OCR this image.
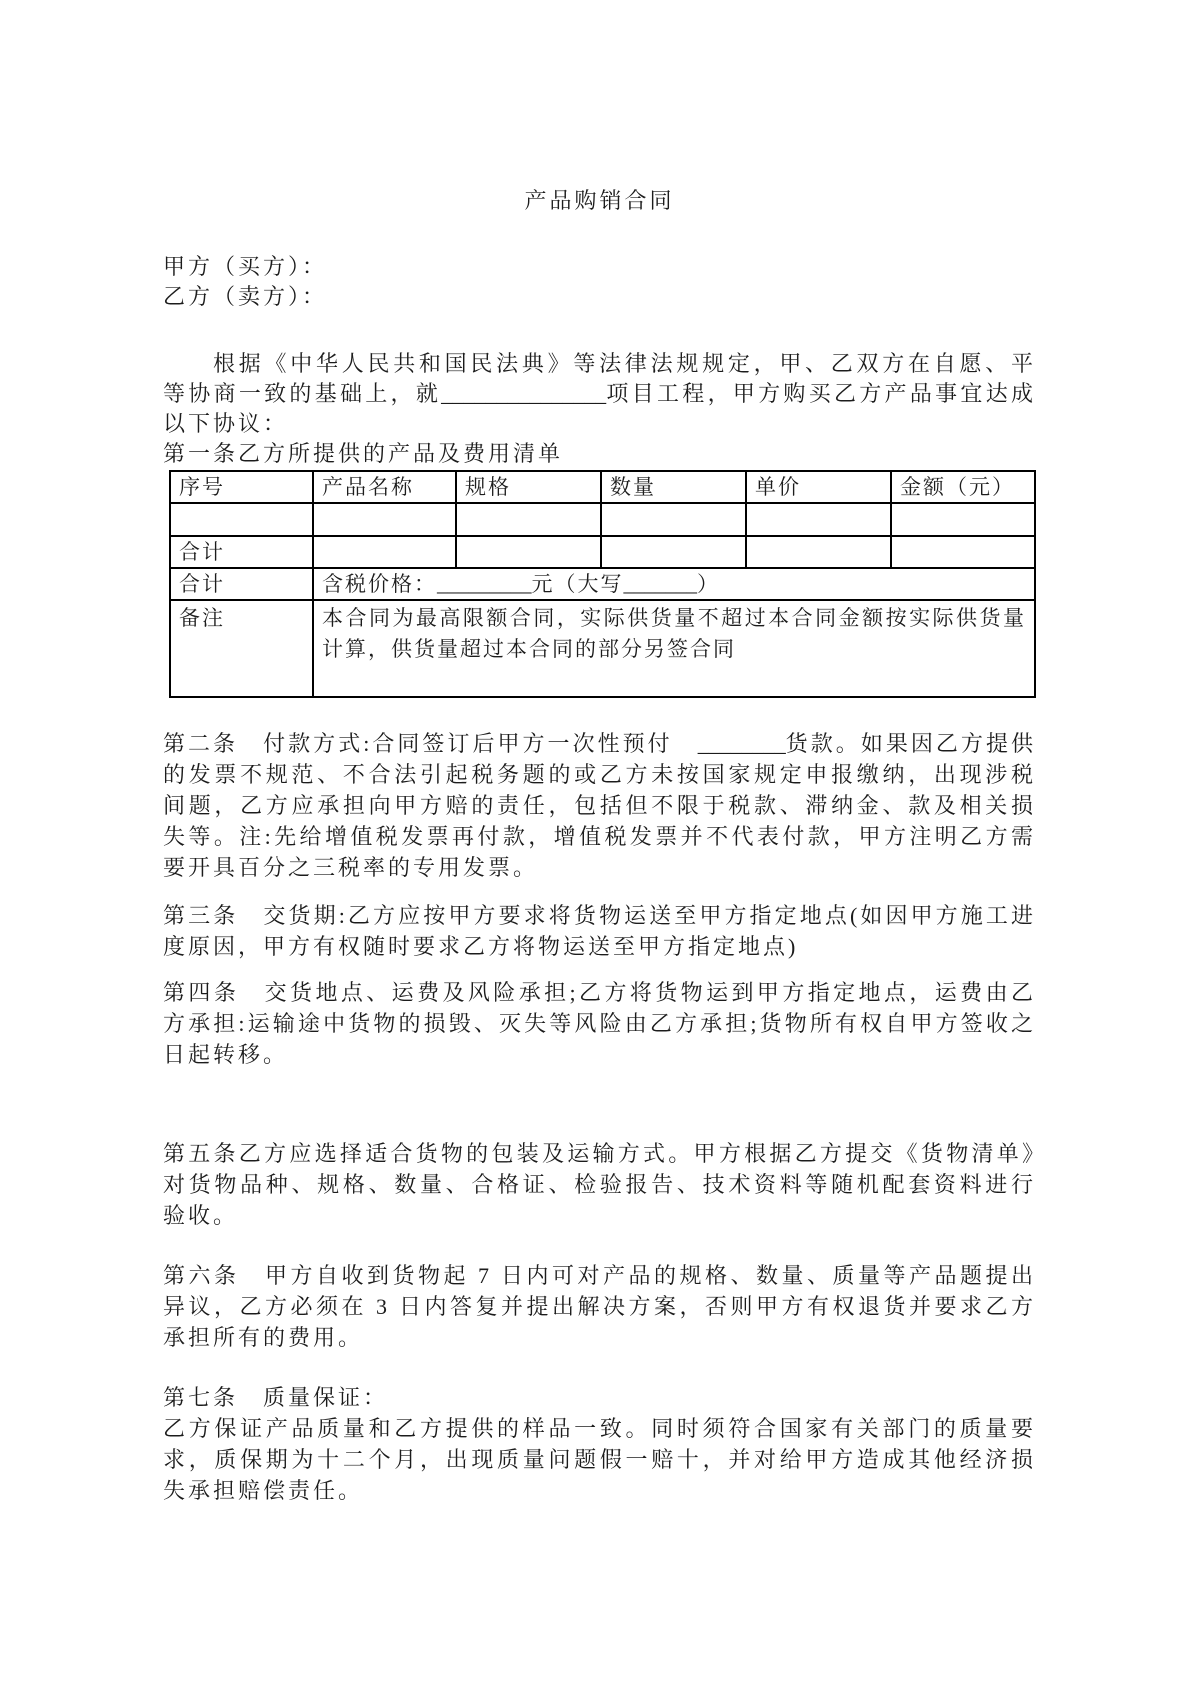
产品购销合同

甲方（买方）：

乙方（卖方）：

根据《中华人民共和国民法典》等法律法规规定，甲、乙双方在自愿、平等协商一致的基础上，就_______________项目工程，甲方购买乙方产品事宜达成以下协议：

第一条乙方所提供的产品及费用清单

序号	产品名称	规格	数量	单价	金额（元）

合计					
合计	含税价格：_________元（大写_______）				
备注	本合同为最高限额合同，实际供货量不超过本合同金额按实际供货量计算，供货量超过本合同的部分另签合同				

第二条　付款方式:合同签订后甲方一次性预付　________货款。如果因乙方提供的发票不规范、不合法引起税务题的或乙方未按国家规定申报缴纳，出现涉税间题，乙方应承担向甲方赔的责任，包括但不限于税款、滞纳金、款及相关损失等。注:先给增值税发票再付款，增值税发票并不代表付款，甲方注明乙方需要开具百分之三税率的专用发票。

第三条　交货期:乙方应按甲方要求将货物运送至甲方指定地点(如因甲方施工进度原因，甲方有权随时要求乙方将物运送至甲方指定地点)

第四条　交货地点、运费及风险承担;乙方将货物运到甲方指定地点，运费由乙方承担:运输途中货物的损毁、灭失等风险由乙方承担;货物所有权自甲方签收之日起转移。

第五条乙方应选择适合货物的包装及运输方式。甲方根据乙方提交《货物清单》对货物品种、规格、数量、合格证、检验报告、技术资料等随机配套资料进行验收。

第六条　甲方自收到货物起 7 日内可对产品的规格、数量、质量等产品题提出异议，乙方必须在 3 日内答复并提出解决方案，否则甲方有权退货并要求乙方承担所有的费用。

第七条　质量保证：

乙方保证产品质量和乙方提供的样品一致。同时须符合国家有关部门的质量要求，质保期为十二个月，出现质量问题假一赔十，并对给甲方造成其他经济损失承担赔偿责任。
